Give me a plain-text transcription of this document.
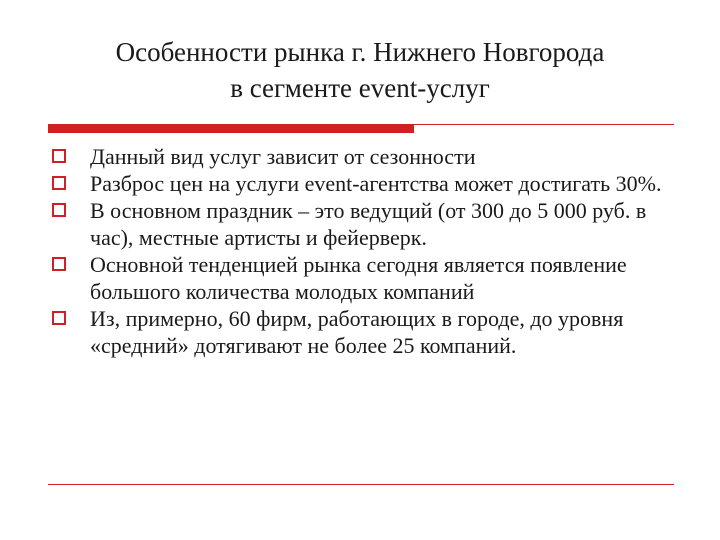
Особенности рынка г. Нижнего Новгорода
в сегменте event-услуг
Данный вид услуг зависит от сезонности
Разброс цен на услуги event-агентства может достигать 30%.
В основном праздник – это ведущий (от 300 до 5 000 руб. в час), местные артисты и фейерверк.
Основной тенденцией рынка сегодня является появление большого количества молодых компаний
Из, примерно, 60 фирм, работающих в городе, до уровня «средний» дотягивают не более 25 компаний.
